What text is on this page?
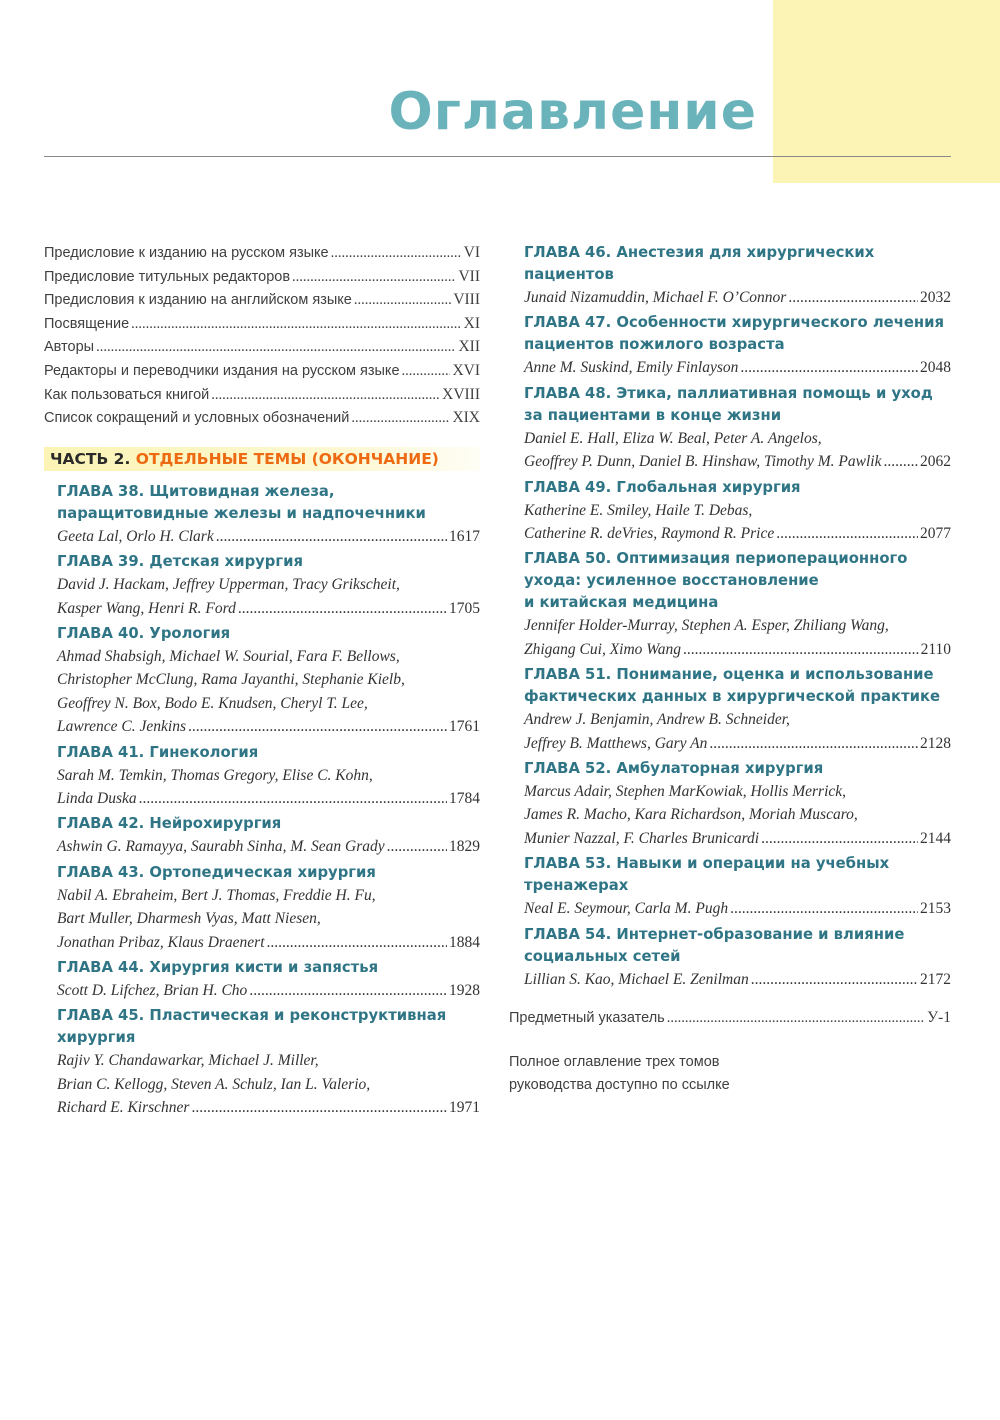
Оглавление
Предисловие к изданию на русском языке .....	VI
Предисловие титульных редакторов .....	VII
Предисловия к изданию на английском языке .....	VIII
Посвящение .....	XI
Авторы .....	XII
Редакторы и переводчики издания на русском языке .....	XVI
Как пользоваться книгой .....	XVIII
Список сокращений и условных обозначений .....	XIX
ЧАСТЬ 2. ОТДЕЛЬНЫЕ ТЕМЫ (ОКОНЧАНИЕ)
ГЛАВА 38. Щитовидная железа,
паращитовидные железы и надпочечники
Geeta Lal, Orlo H. Clark .....	1617
ГЛАВА 39. Детская хирургия
David J. Hackam, Jeffrey Upperman, Tracy Grikscheit,
Kasper Wang, Henri R. Ford .....	1705
ГЛАВА 40. Урология
Ahmad Shabsigh, Michael W. Sourial, Fara F. Bellows,
Christopher McClung, Rama Jayanthi, Stephanie Kielb,
Geoffrey N. Box, Bodo E. Knudsen, Cheryl T. Lee,
Lawrence C. Jenkins .....	1761
ГЛАВА 41. Гинекология
Sarah M. Temkin, Thomas Gregory, Elise C. Kohn,
Linda Duska .....	1784
ГЛАВА 42. Нейрохирургия
Ashwin G. Ramayya, Saurabh Sinha, M. Sean Grady .....	1829
ГЛАВА 43. Ортопедическая хирургия
Nabil A. Ebraheim, Bert J. Thomas, Freddie H. Fu,
Bart Muller, Dharmesh Vyas, Matt Niesen,
Jonathan Pribaz, Klaus Draenert .....	1884
ГЛАВА 44. Хирургия кисти и запястья
Scott D. Lifchez, Brian H. Cho .....	1928
ГЛАВА 45. Пластическая и реконструктивная
хирургия
Rajiv Y. Chandawarkar, Michael J. Miller,
Brian C. Kellogg, Steven A. Schulz, Ian L. Valerio,
Richard E. Kirschner .....	1971
ГЛАВА 46. Анестезия для хирургических
пациентов
Junaid Nizamuddin, Michael F. O’Connor .....	2032
ГЛАВА 47. Особенности хирургического лечения
пациентов пожилого возраста
Anne M. Suskind, Emily Finlayson .....	2048
ГЛАВА 48. Этика, паллиативная помощь и уход
за пациентами в конце жизни
Daniel E. Hall, Eliza W. Beal, Peter A. Angelos,
Geoffrey P. Dunn, Daniel B. Hinshaw, Timothy M. Pawlik ..... 2062
ГЛАВА 49. Глобальная хирургия
Katherine E. Smiley, Haile T. Debas,
Catherine R. deVries, Raymond R. Price .....	2077
ГЛАВА 50. Оптимизация периоперационного
ухода: усиленное восстановление
и китайская медицина
Jennifer Holder-Murray, Stephen A. Esper, Zhiliang Wang,
Zhigang Cui, Ximo Wang .....	2110
ГЛАВА 51. Понимание, оценка и использование
фактических данных в хирургической практике
Andrew J. Benjamin, Andrew B. Schneider,
Jeffrey B. Matthews, Gary An .....	2128
ГЛАВА 52. Амбулаторная хирургия
Marcus Adair, Stephen MarKowiak, Hollis Merrick,
James R. Macho, Kara Richardson, Moriah Muscaro,
Munier Nazzal, F. Charles Brunicardi .....	2144
ГЛАВА 53. Навыки и операции на учебных
тренажерах
Neal E. Seymour, Carla M. Pugh .....	2153
ГЛАВА 54. Интернет-образование и влияние
социальных сетей
Lillian S. Kao, Michael E. Zenilman .....	2172
Предметный указатель .....	У-1
Полное оглавление трех томов
руководства доступно по ссылке
